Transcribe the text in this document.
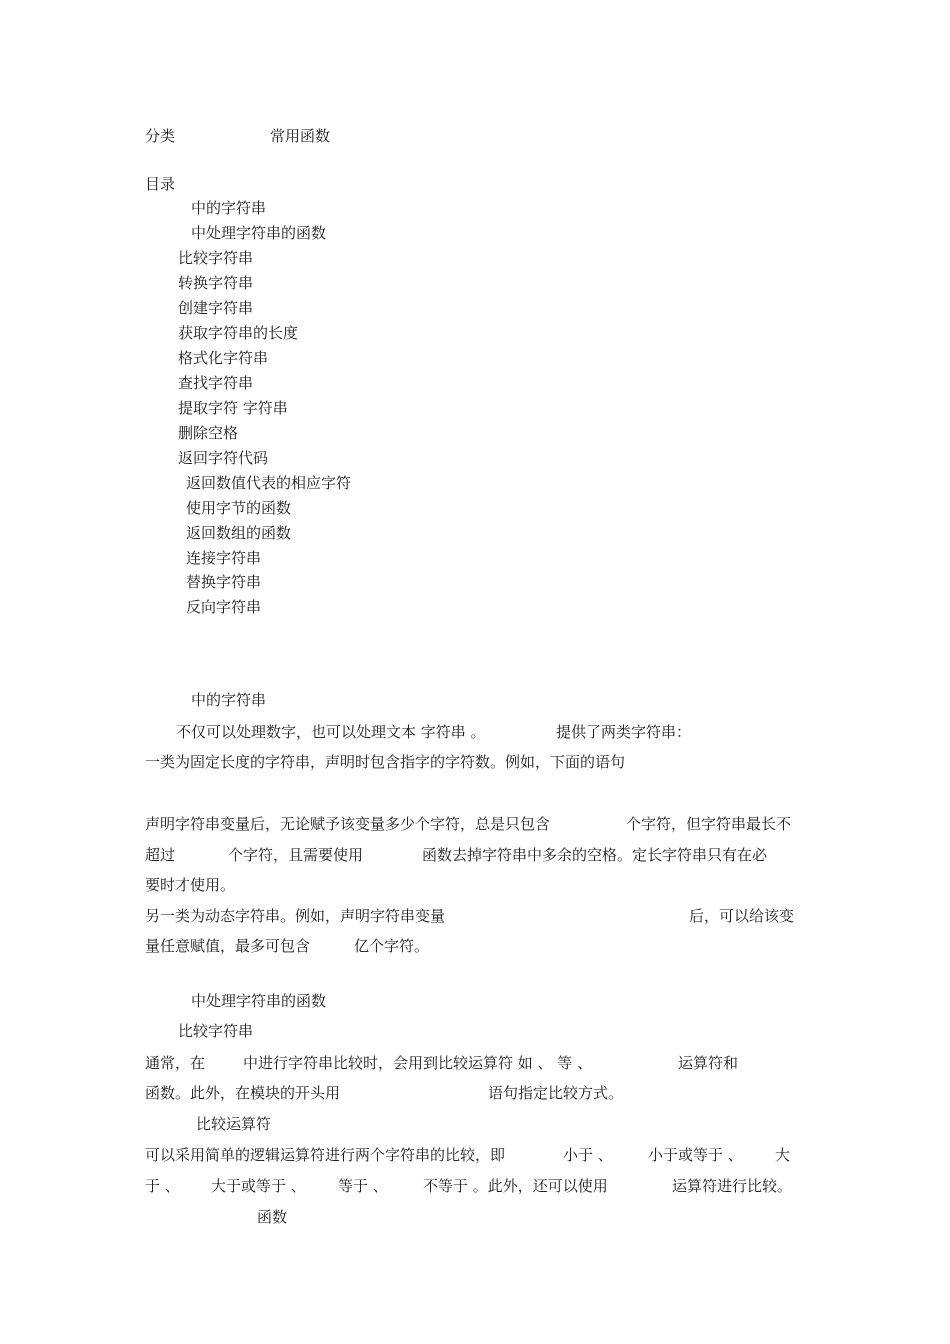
分类	常用函数
目录
中的字符串
中处理字符串的函数
比较字符串
转换字符串
创建字符串
获取字符串的长度
格式化字符串
查找字符串
提取字符 字符串
删除空格
返回字符代码
返回数值代表的相应字符
使用字节的函数
返回数组的函数
连接字符串
替换字符串
反向字符串
中的字符串
不仅可以处理数字，也可以处理文本 字符串 。	提供了两类字符串：
一类为固定长度的字符串，声明时包含指字的字符数。例如，下面的语句
声明字符串变量后，无论赋予该变量多少个字符，总是只包含	个字符，但字符串最长不
超过	个字符，且需要使用	函数去掉字符串中多余的空格。定长字符串只有在必
要时才使用。
另一类为动态字符串。例如，声明字符串变量	后，可以给该变
量任意赋值，最多可包含	亿个字符。
中处理字符串的函数
比较字符串
通常，在	中进行字符串比较时，会用到比较运算符 如 、 等 、	运算符和
函数。此外，在模块的开头用	语句指定比较方式。
比较运算符
可以采用简单的逻辑运算符进行两个字符串的比较，即	小于 、 小于或等于 、 大
于 、 大于或等于 、 等于 、 不等于 。此外，还可以使用	运算符进行比较。
函数
